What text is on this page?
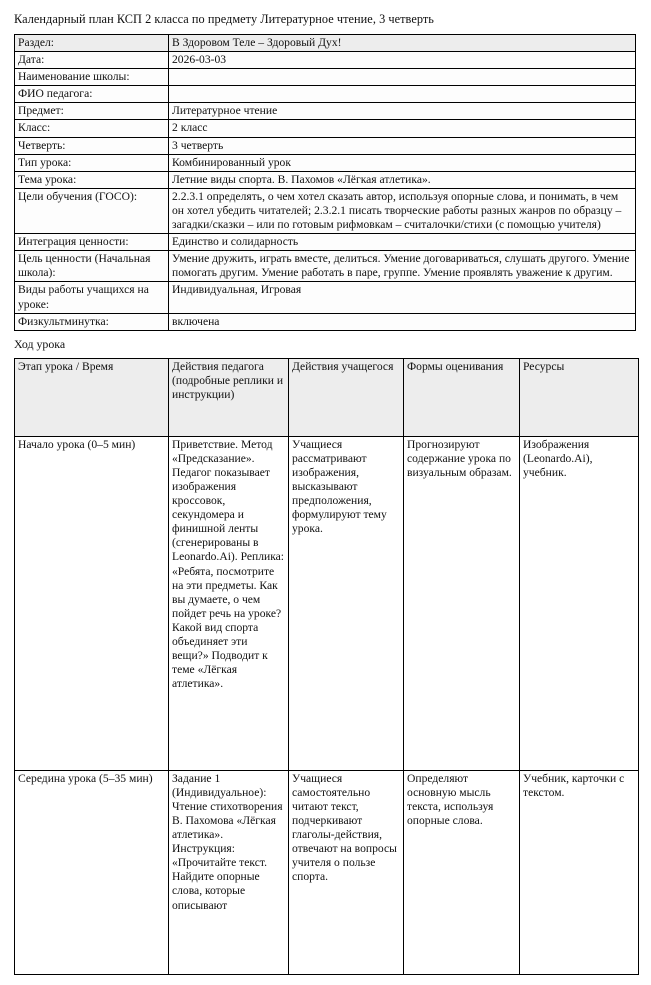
Календарный план КСП 2 класса по предмету Литературное чтение, 3 четверть
Раздел:	В Здоровом Теле – Здоровый Дух!
Дата:	2026-03-03
Наименование школы:	
ФИО педагога:	
Предмет:	Литературное чтение
Класс:	2 класс
Четверть:	3 четверть
Тип урока:	Комбинированный урок
Тема урока:	Летние виды спорта. В. Пахомов «Лёгкая атлетика».
Цели обучения (ГОСО):	2.2.3.1 определять, о чем хотел сказать автор, используя опорные слова, и понимать, в чем он хотел убедить читателей; 2.3.2.1 писать творческие работы разных жанров по образцу – загадки/сказки – или по готовым рифмовкам – считалочки/стихи (с помощью учителя)
Интеграция ценности:	Единство и солидарность
Цель ценности (Начальная школа):	Умение дружить, играть вместе, делиться. Умение договариваться, слушать другого. Умение помогать другим. Умение работать в паре, группе. Умение проявлять уважение к другим.
Виды работы учащихся на уроке:	Индивидуальная, Игровая
Физкультминутка:	включена
Ход урока
Этап урока / Время	Действия педагога (подробные реплики и инструкции)	Действия учащегося	Формы оценивания	Ресурсы
Начало урока (0–5 мин)	Приветствие. Метод «Предсказание». Педагог показывает изображения кроссовок, секундомера и финишной ленты (сгенерированы в Leonardo.Ai). Реплика: «Ребята, посмотрите на эти предметы. Как вы думаете, о чем пойдет речь на уроке? Какой вид спорта объединяет эти вещи?» Подводит к теме «Лёгкая атлетика».	Учащиеся рассматривают изображения, высказывают предположения, формулируют тему урока.	Прогнозируют содержание урока по визуальным образам.	Изображения (Leonardo.Ai), учебник.
Середина урока (5–35 мин)	Задание 1 (Индивидуальное): Чтение стихотворения В. Пахомова «Лёгкая атлетика». Инструкция: «Прочитайте текст. Найдите опорные слова, которые описывают	Учащиеся самостоятельно читают текст, подчеркивают глаголы-действия, отвечают на вопросы учителя о пользе спорта.	Определяют основную мысль текста, используя опорные слова.	Учебник, карточки с текстом.
